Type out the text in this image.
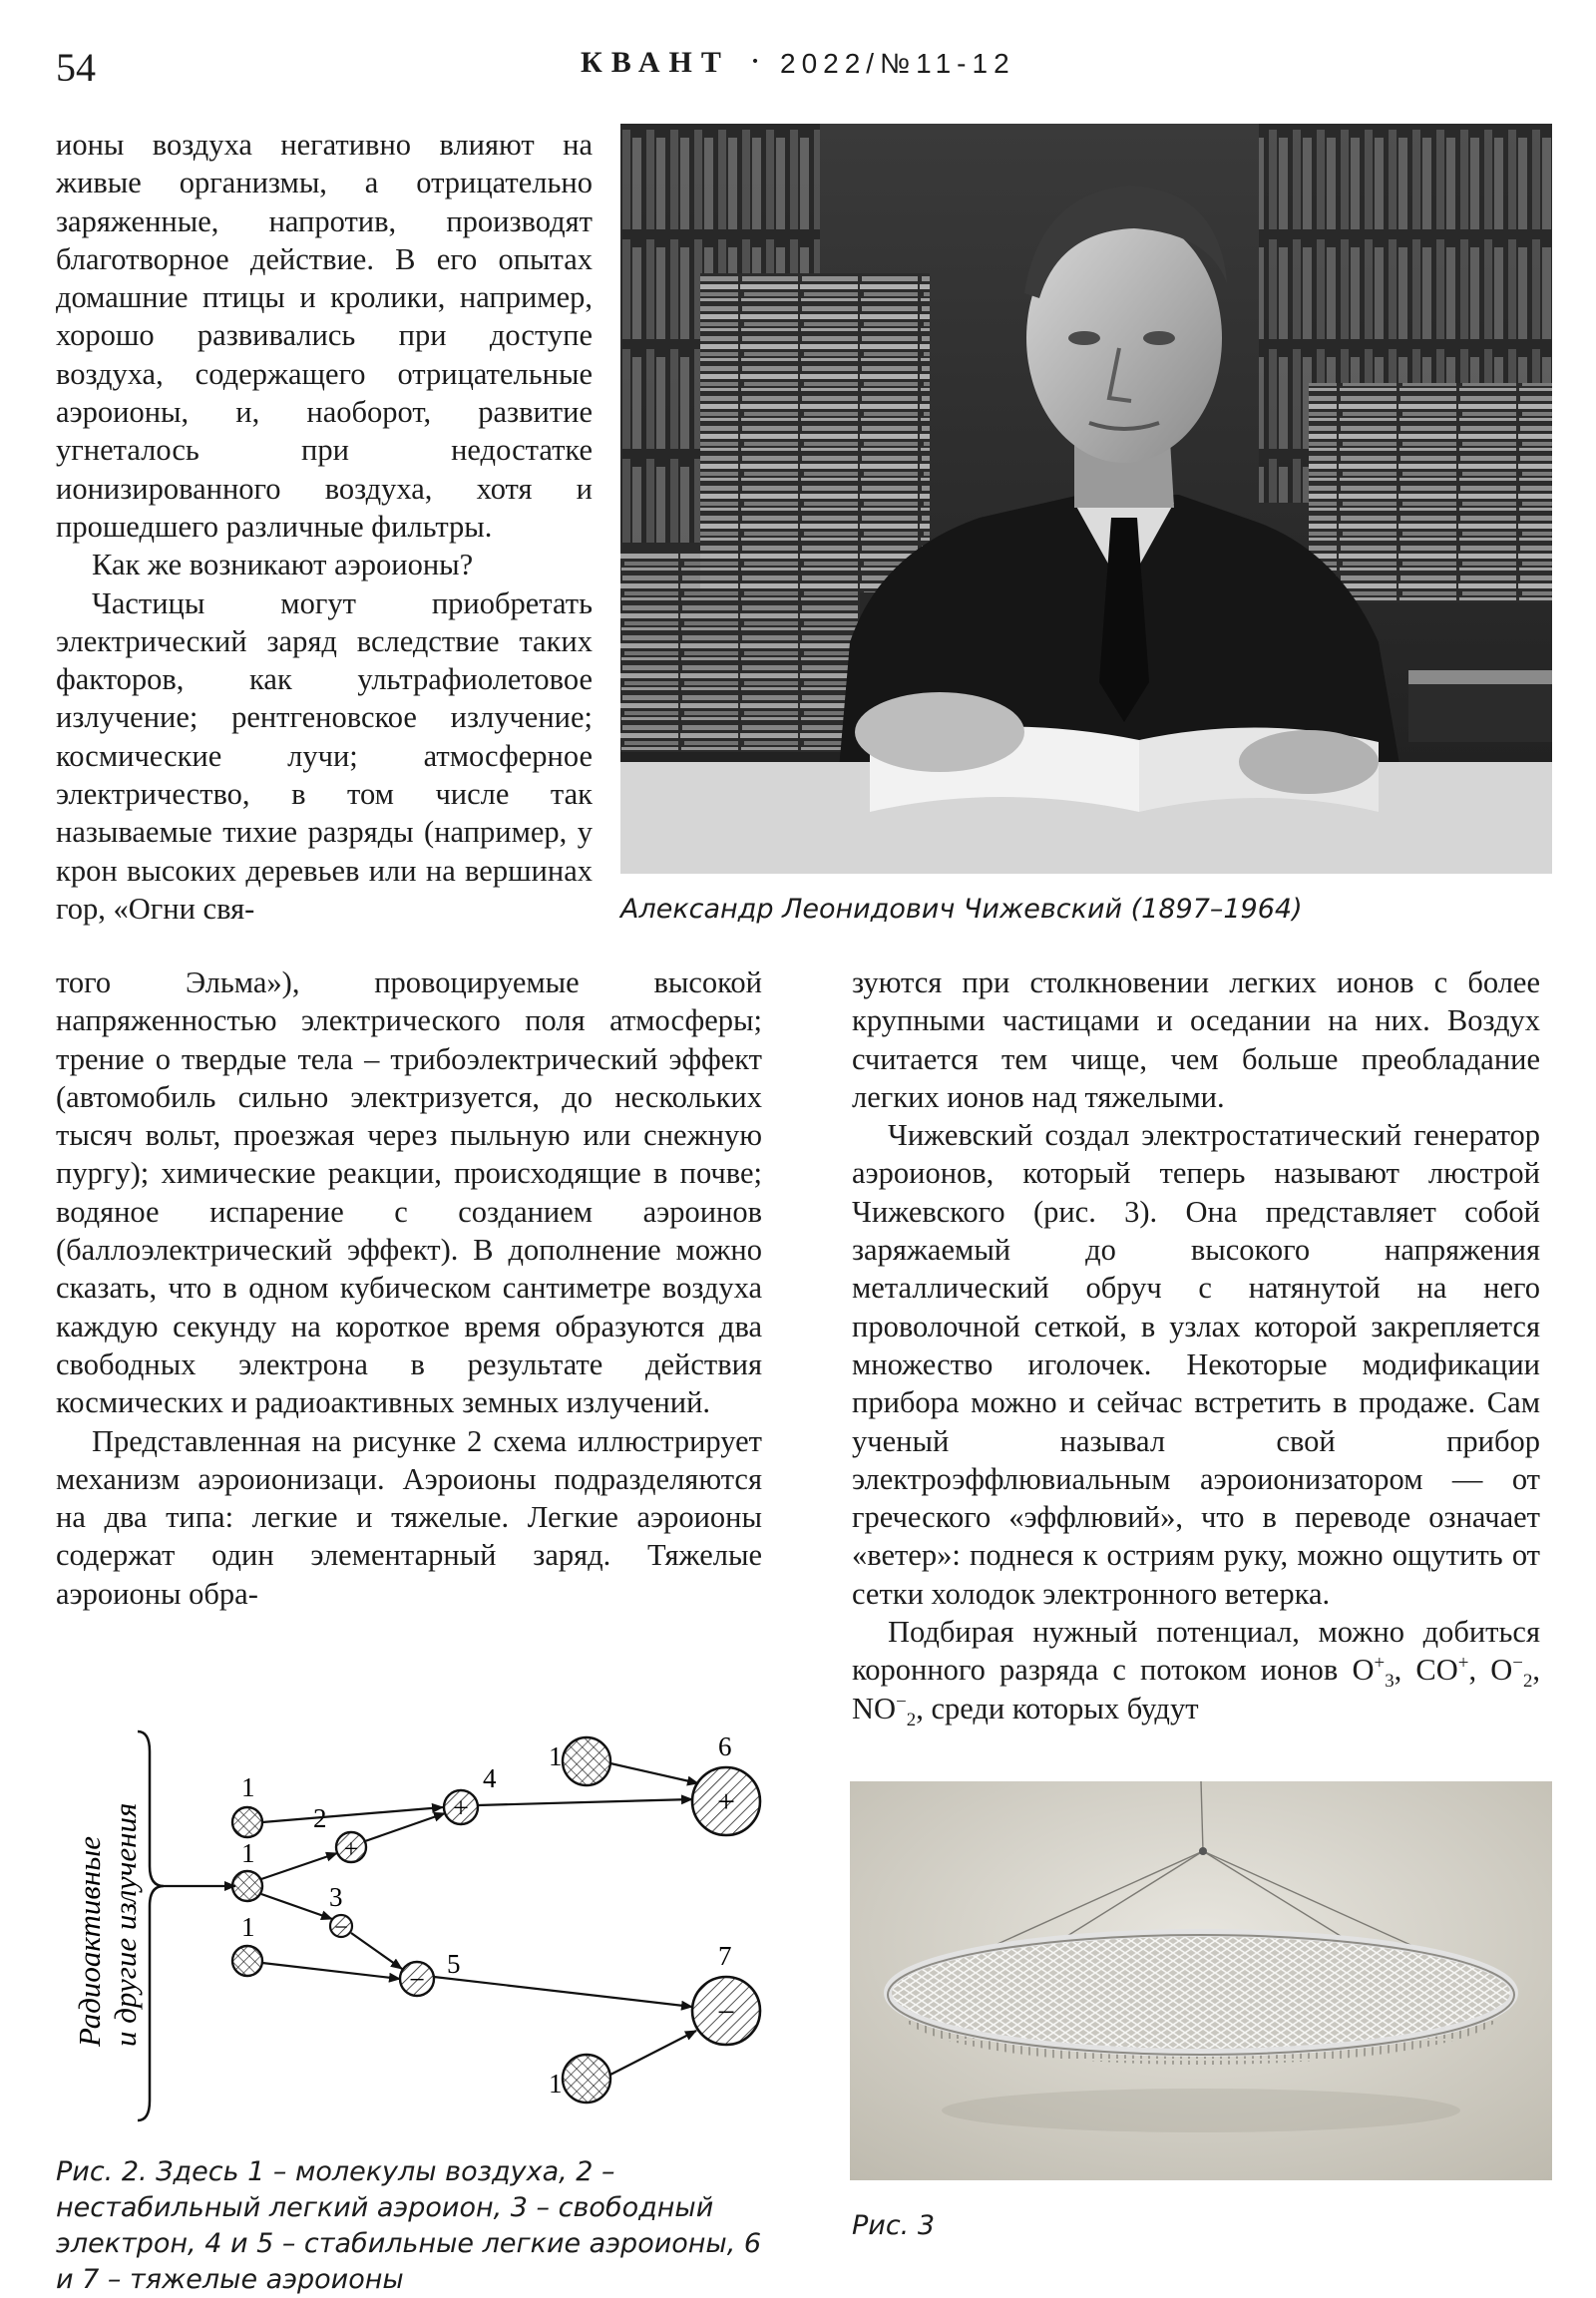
54	КВАНТ · 2022/№11-12

ионы воздуха негативно влияют на живые организмы, а отрицательно заряженные, напротив, производят благотворное действие. В его опытах домашние птицы и кролики, например, хорошо развивались при доступе воздуха, содержащего отрицательные аэроионы, и, наоборот, развитие угнеталось при недостатке ионизированного воздуха, хотя и прошедшего различные фильтры.

Как же возникают аэроионы?

Частицы могут приобретать электрический заряд вследствие таких факторов, как ультрафиолетовое излучение; рентгеновское излучение; космические лучи; атмосферное электричество, в том числе так называемые тихие разряды (например, у крон высоких деревьев или на вершинах гор, «Огни свя-	Александр Леонидович Чижевский (1897–1964)

того Эльма»), провоцируемые высокой напряженностью электрического поля атмосферы; трение о твердые тела – трибоэлектрический эффект (автомобиль сильно электризуется, до нескольких тысяч вольт, проезжая через пыльную или снежную пургу); химические реакции, происходящие в почве; водяное испарение с созданием аэроинов (баллоэлектрический эффект). В дополнение можно сказать, что в одном кубическом сантиметре воздуха каждую секунду на короткое время образуются два свободных электрона в результате действия космических и радиоактивных земных излучений.

Представленная на рисунке 2 схема иллюстрирует механизм аэроионизаци. Аэроионы подразделяются на два типа: легкие и тяжелые. Легкие аэроионы содержат один элементарный заряд. Тяжелые аэроионы обра-

зуются при столкновении легких ионов с более крупными частицами и оседании на них. Воздух считается тем чище, чем больше преобладание легких ионов над тяжелыми.

Чижевский создал электростатический генератор аэроионов, который теперь называют люстрой Чижевского (рис. 3). Она представляет собой заряжаемый до высокого напряжения металлический обруч с натянутой на него проволочной сеткой, в узлах которой закрепляется множество иголочек. Некоторые модификации прибора можно и сейчас встретить в продаже. Сам ученый называл свой прибор электроэффлювиальным аэроионизатором — от греческого «эффлювий», что в переводе означает «ветер»: поднеся к остриям руку, можно ощутить от сетки холодок электронного ветерка.

Подбирая нужный потенциал, можно добиться коронного разряда с потоком ионов $O^+_3$, CO+, $O^-_2$, $NO^-_2$, среди которых будут

Радиоактивные и другие излучения
1
1
1
+
2
−
3
+
4
−
5
1
+
6
−
7
1
Рис. 2. Здесь 1 – молекулы воздуха, 2 – нестабильный легкий аэроион, 3 – свободный электрон, 4 и 5 – стабильные легкие аэроионы, 6 и 7 – тяжелые аэроионы
Рис. 3
